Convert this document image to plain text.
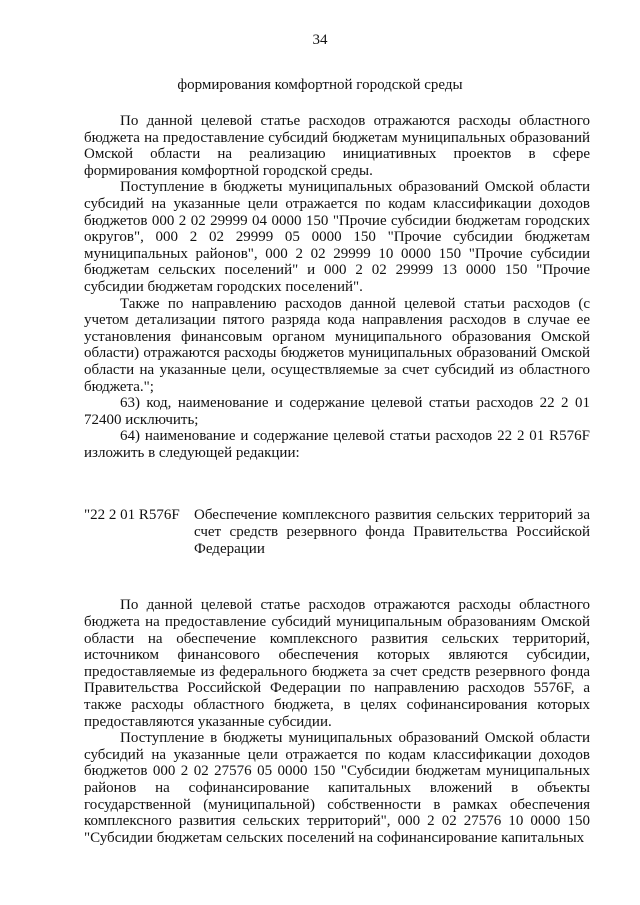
34
формирования комфортной городской среды

По данной целевой статье расходов отражаются расходы областного бюджета на предоставление субсидий бюджетам муниципальных образований Омской области на реализацию инициативных проектов в сфере формирования комфортной городской среды.

Поступление в бюджеты муниципальных образований Омской области субсидий на указанные цели отражается по кодам классификации доходов бюджетов 000 2 02 29999 04 0000 150 "Прочие субсидии бюджетам городских округов", 000 2 02 29999 05 0000 150 "Прочие субсидии бюджетам муниципальных районов", 000 2 02 29999 10 0000 150 "Прочие субсидии бюджетам сельских поселений" и 000 2 02 29999 13 0000 150 "Прочие субсидии бюджетам городских поселений".

Также по направлению расходов данной целевой статьи расходов (с учетом детализации пятого разряда кода направления расходов в случае ее установления финансовым органом муниципального образования Омской области) отражаются расходы бюджетов муниципальных образований Омской области на указанные цели, осуществляемые за счет субсидий из областного бюджета.";

63) код, наименование и содержание целевой статьи расходов 22 2 01 72400 исключить;

64) наименование и содержание целевой статьи расходов 22 2 01 R576F изложить в следующей редакции:

"22 2 01 R576F Обеспечение комплексного развития сельских территорий за счет средств резервного фонда Правительства Российской Федерации

По данной целевой статье расходов отражаются расходы областного бюджета на предоставление субсидий муниципальным образованиям Омской области на обеспечение комплексного развития сельских территорий, источником финансового обеспечения которых являются субсидии, предоставляемые из федерального бюджета за счет средств резервного фонда Правительства Российской Федерации по направлению расходов 5576F, а также расходы областного бюджета, в целях софинансирования которых предоставляются указанные субсидии.

Поступление в бюджеты муниципальных образований Омской области субсидий на указанные цели отражается по кодам классификации доходов бюджетов 000 2 02 27576 05 0000 150 "Субсидии бюджетам муниципальных районов на софинансирование капитальных вложений в объекты государственной (муниципальной) собственности в рамках обеспечения комплексного развития сельских территорий", 000 2 02 27576 10 0000 150 "Субсидии бюджетам сельских поселений на софинансирование капитальных
